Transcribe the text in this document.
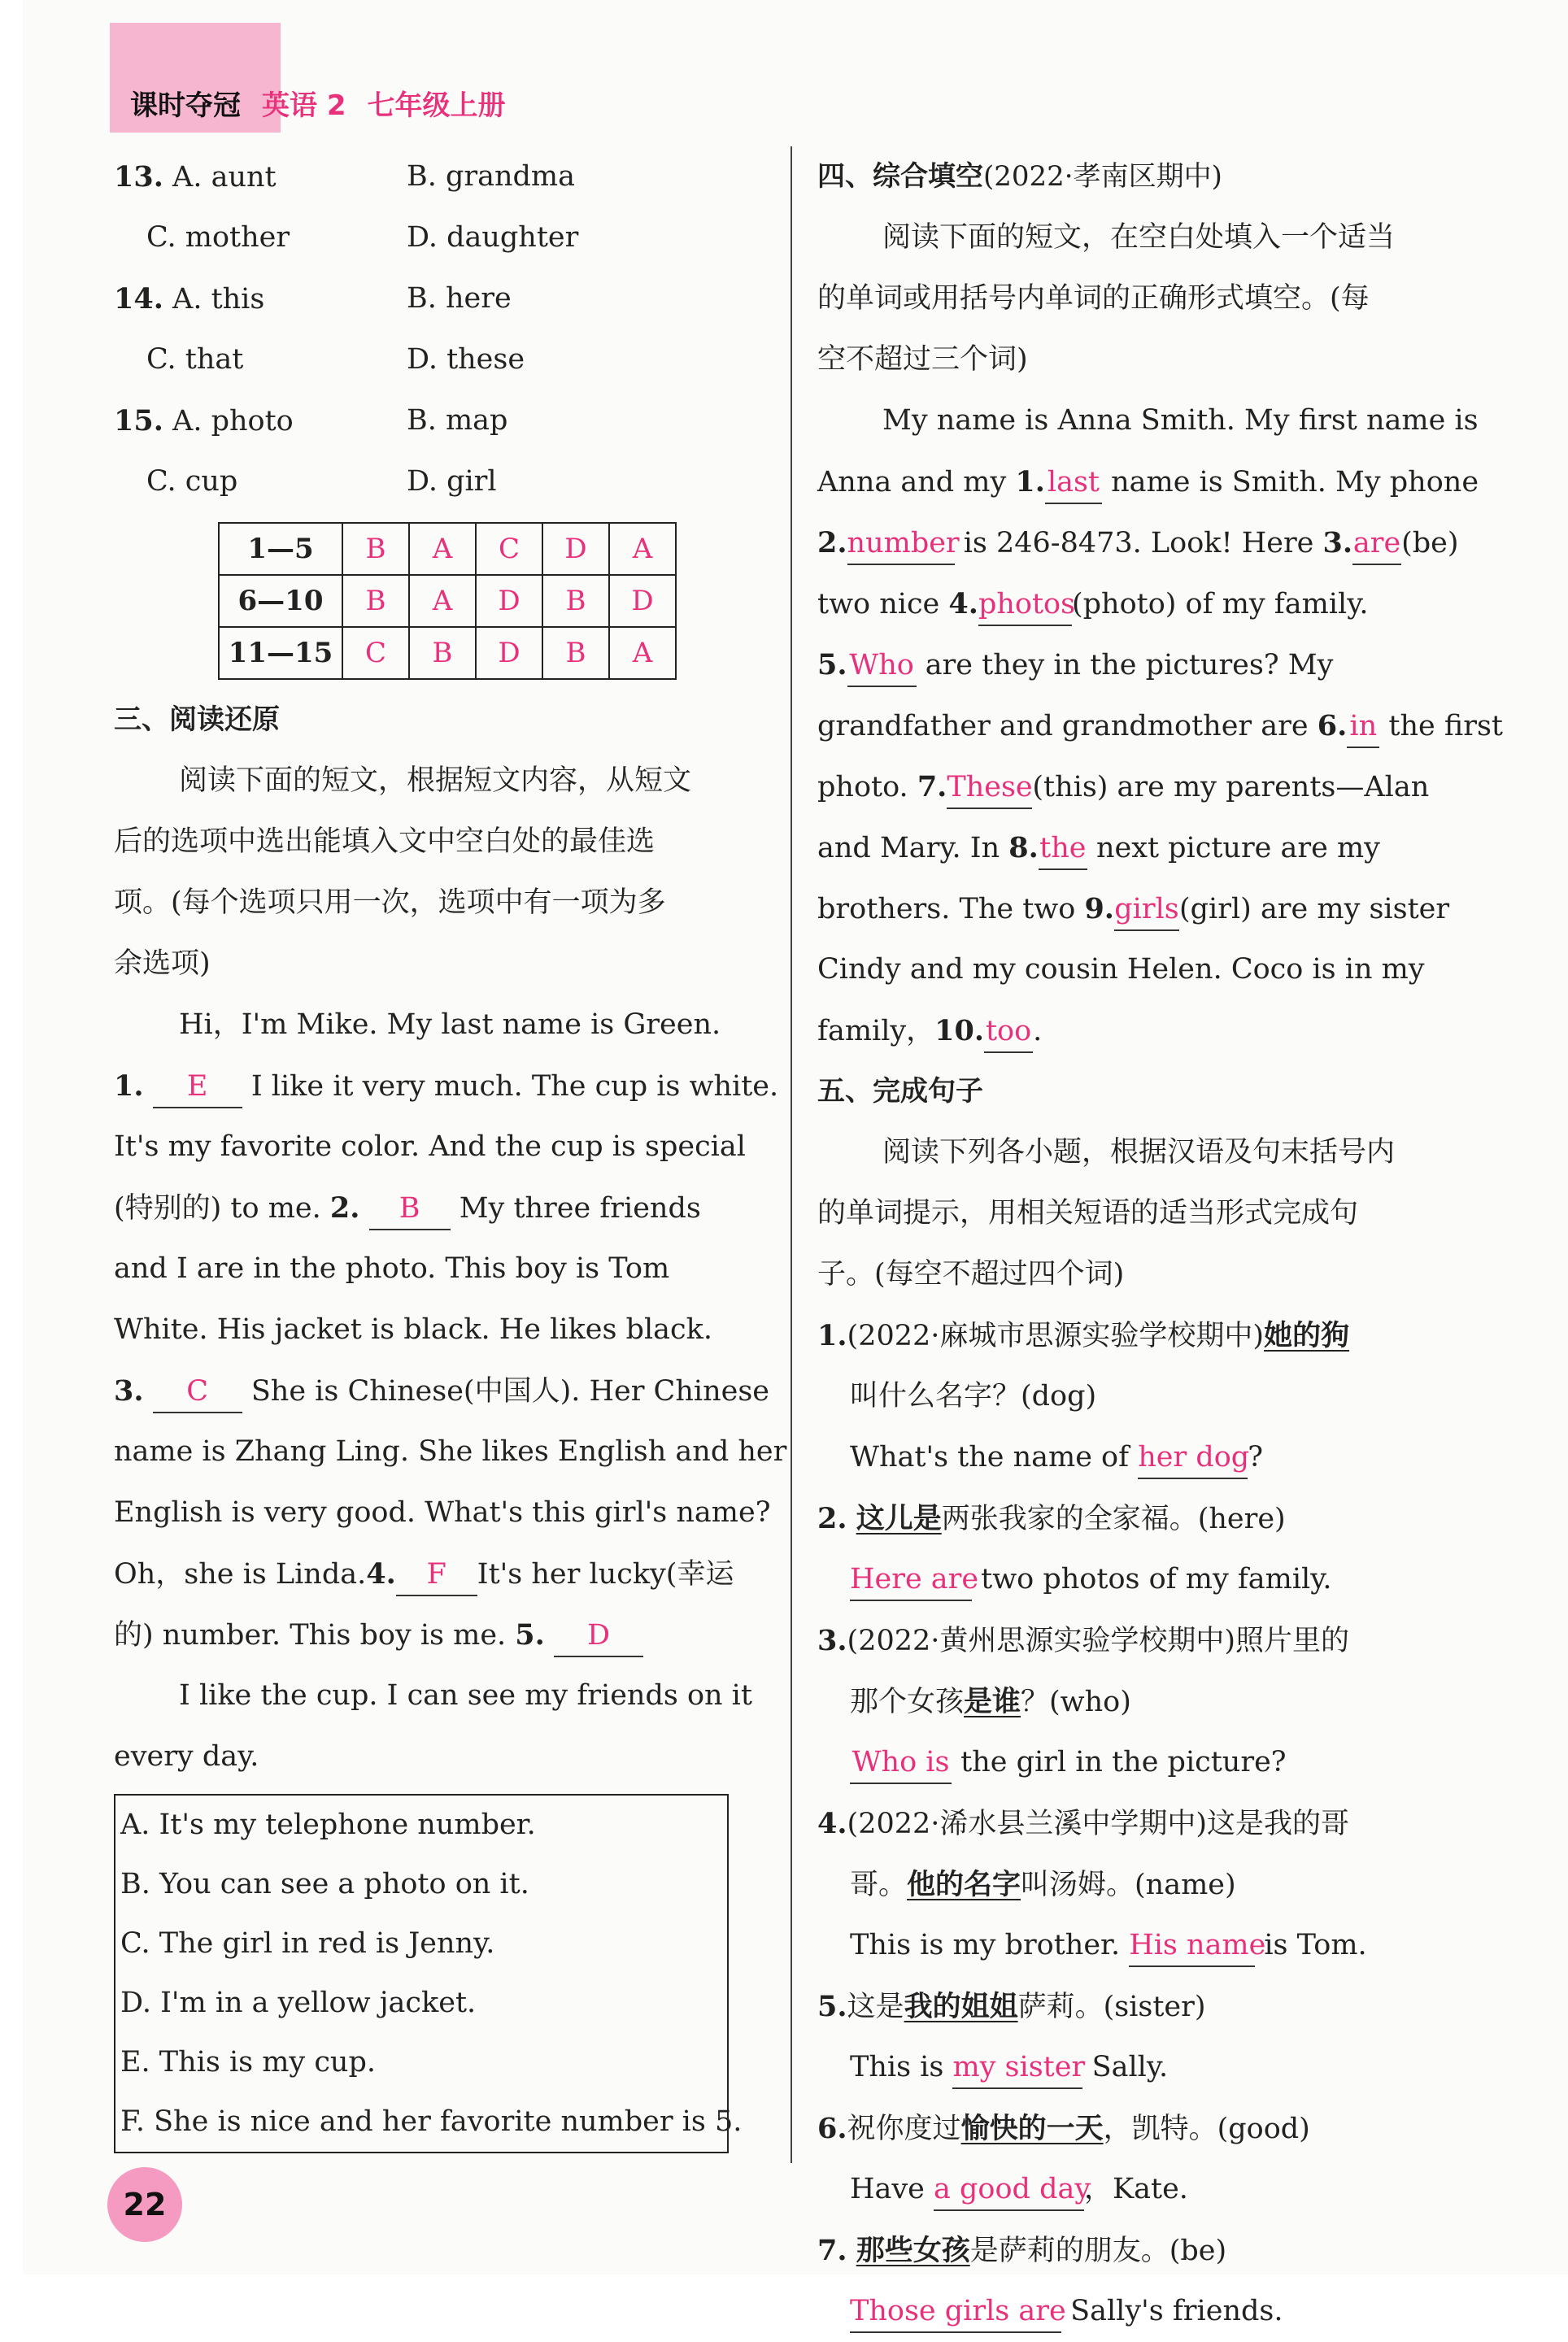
课时夺冠 英语 2 七年级上册
13. A. aunt	B. grandma
C. mother	D. daughter
14. A. this	B. here
C. that	D. these
15. A. photo	B. map
C. cup	D. girl
1—5	B	A	C	D	A
6—10	B	A	D	B	D
11—15	C	B	D	B	A
三、阅读还原
阅读下面的短文，根据短文内容，从短文
后的选项中选出能填入文中空白处的最佳选
项。(每个选项只用一次，选项中有一项为多
余选项)
Hi，I'm Mike. My last name is Green.
1. E I like it very much. The cup is white.
It's my favorite color. And the cup is special
(特别的) to me. 2. B My three friends
and I are in the photo. This boy is Tom
White. His jacket is black. He likes black.
3. C She is Chinese(中国人). Her Chinese
name is Zhang Ling. She likes English and her
English is very good. What's this girl's name?
Oh，she is Linda.4. F It's her lucky(幸运
的) number. This boy is me. 5. D
I like the cup. I can see my friends on it
every day.
A. It's my telephone number.
B. You can see a photo on it.
C. The girl in red is Jenny.
D. I'm in a yellow jacket.
E. This is my cup.
F. She is nice and her favorite number is 5.
四、综合填空(2022·孝南区期中)
阅读下面的短文，在空白处填入一个适当
的单词或用括号内单词的正确形式填空。(每
空不超过三个词)
My name is Anna Smith. My first name is
Anna and my 1.last name is Smith. My phone
2.number is 246-8473. Look! Here 3.are(be)
two nice 4.photos(photo) of my family.
5.Who are they in the pictures? My
grandfather and grandmother are 6.in the first
photo. 7.These(this) are my parents—Alan
and Mary. In 8.the next picture are my
brothers. The two 9.girls(girl) are my sister
Cindy and my cousin Helen. Coco is in my
family，10.too.
五、完成句子
阅读下列各小题，根据汉语及句末括号内
的单词提示，用相关短语的适当形式完成句
子。(每空不超过四个词)
1.(2022·麻城市思源实验学校期中)她的狗
叫什么名字？(dog)
What's the name of her dog?
2. 这儿是两张我家的全家福。(here)
Here are two photos of my family.
3.(2022·黄州思源实验学校期中)照片里的
那个女孩是谁？(who)
Who is the girl in the picture?
4.(2022·浠水县兰溪中学期中)这是我的哥
哥。他的名字叫汤姆。(name)
This is my brother. His name is Tom.
5.这是我的姐姐萨莉。(sister)
This is my sister Sally.
6.祝你度过愉快的一天，凯特。(good)
Have a good day，Kate.
7. 那些女孩是萨莉的朋友。(be)
Those girls are Sally's friends.
22
